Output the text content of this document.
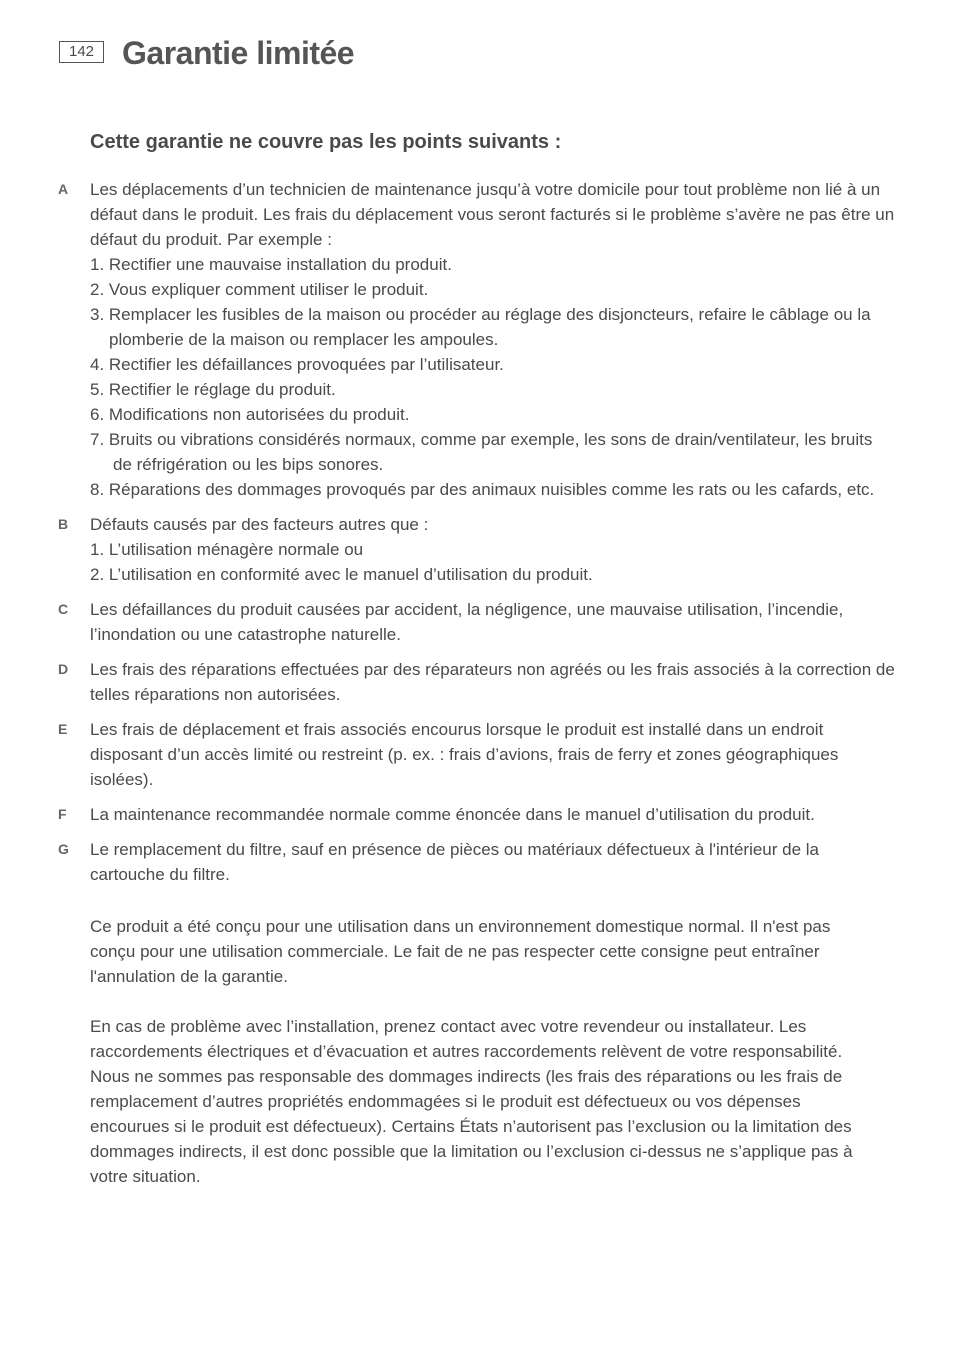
142 Garantie limitée
Cette garantie ne couvre pas les points suivants :
A Les déplacements d’un technicien de maintenance jusqu’à votre domicile pour tout problème non lié à un défaut dans le produit. Les frais du déplacement vous seront facturés si le problème s’avère ne pas être un défaut du produit. Par exemple :
1. Rectifier une mauvaise installation du produit.
2. Vous expliquer comment utiliser le produit.
3. Remplacer les fusibles de la maison ou procéder au réglage des disjoncteurs, refaire le câblage ou la plomberie de la maison ou remplacer les ampoules.
4. Rectifier les défaillances provoquées par l’utilisateur.
5. Rectifier le réglage du produit.
6. Modifications non autorisées du produit.
7. Bruits ou vibrations considérés normaux, comme par exemple, les sons de drain/ventilateur, les bruits de réfrigération ou les bips sonores.
8. Réparations des dommages provoqués par des animaux nuisibles comme les rats ou les cafards, etc.
B Défauts causés par des facteurs autres que :
1. L’utilisation ménagère normale ou
2. L’utilisation en conformité avec le manuel d’utilisation du produit.
C Les défaillances du produit causées par accident, la négligence, une mauvaise utilisation, l’incendie, l’inondation ou une catastrophe naturelle.
D Les frais des réparations effectuées par des réparateurs non agréés ou les frais associés à la correction de telles réparations non autorisées.
E Les frais de déplacement et frais associés encourus lorsque le produit est installé dans un endroit disposant d’un accès limité ou restreint (p. ex. : frais d’avions, frais de ferry et zones géographiques isolées).
F La maintenance recommandée normale comme énoncée dans le manuel d’utilisation du produit.
G Le remplacement du filtre, sauf en présence de pièces ou matériaux défectueux à l'intérieur de la cartouche du filtre.
Ce produit a été conçu pour une utilisation dans un environnement domestique normal. Il n'est pas conçu pour une utilisation commerciale. Le fait de ne pas respecter cette consigne peut entraîner l'annulation de la garantie.
En cas de problème avec l’installation, prenez contact avec votre revendeur ou installateur. Les raccordements électriques et d’évacuation et autres raccordements relèvent de votre responsabilité.
Nous ne sommes pas responsable des dommages indirects (les frais des réparations ou les frais de remplacement d’autres propriétés endommagées si le produit est défectueux ou vos dépenses encourues si le produit est défectueux). Certains États n’autorisent pas l’exclusion ou la limitation des dommages indirects, il est donc possible que la limitation ou l’exclusion ci-dessus ne s’applique pas à votre situation.
